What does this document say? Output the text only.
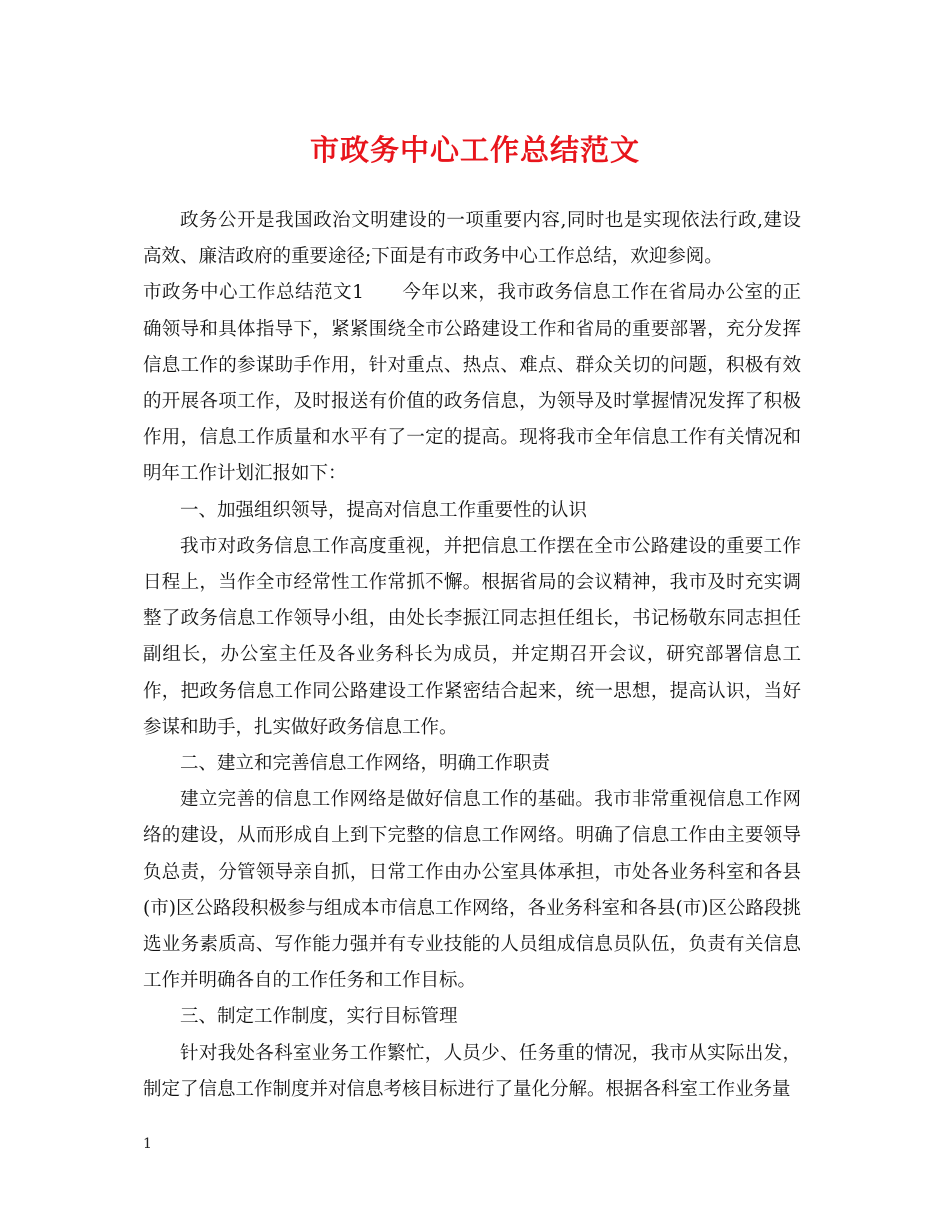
市政务中心工作总结范文

政务公开是我国政治文明建设的一项重要内容,同时也是实现依法行政,建设高效、廉洁政府的重要途径;下面是有市政务中心工作总结，欢迎参阅。

市政务中心工作总结范文1　　今年以来，我市政务信息工作在省局办公室的正确领导和具体指导下，紧紧围绕全市公路建设工作和省局的重要部署，充分发挥信息工作的参谋助手作用，针对重点、热点、难点、群众关切的问题，积极有效的开展各项工作，及时报送有价值的政务信息，为领导及时掌握情况发挥了积极作用，信息工作质量和水平有了一定的提高。现将我市全年信息工作有关情况和明年工作计划汇报如下：

一、加强组织领导，提高对信息工作重要性的认识

我市对政务信息工作高度重视，并把信息工作摆在全市公路建设的重要工作日程上，当作全市经常性工作常抓不懈。根据省局的会议精神，我市及时充实调整了政务信息工作领导小组，由处长李振江同志担任组长，书记杨敬东同志担任副组长，办公室主任及各业务科长为成员，并定期召开会议，研究部署信息工作，把政务信息工作同公路建设工作紧密结合起来，统一思想，提高认识，当好参谋和助手，扎实做好政务信息工作。

二、建立和完善信息工作网络，明确工作职责

建立完善的信息工作网络是做好信息工作的基础。我市非常重视信息工作网络的建设，从而形成自上到下完整的信息工作网络。明确了信息工作由主要领导负总责，分管领导亲自抓，日常工作由办公室具体承担，市处各业务科室和各县(市)区公路段积极参与组成本市信息工作网络，各业务科室和各县(市)区公路段挑选业务素质高、写作能力强并有专业技能的人员组成信息员队伍，负责有关信息工作并明确各自的工作任务和工作目标。

三、制定工作制度，实行目标管理

针对我处各科室业务工作繁忙，人员少、任务重的情况，我市从实际出发，制定了信息工作制度并对信息考核目标进行了量化分解。根据各科室工作业务量

1
